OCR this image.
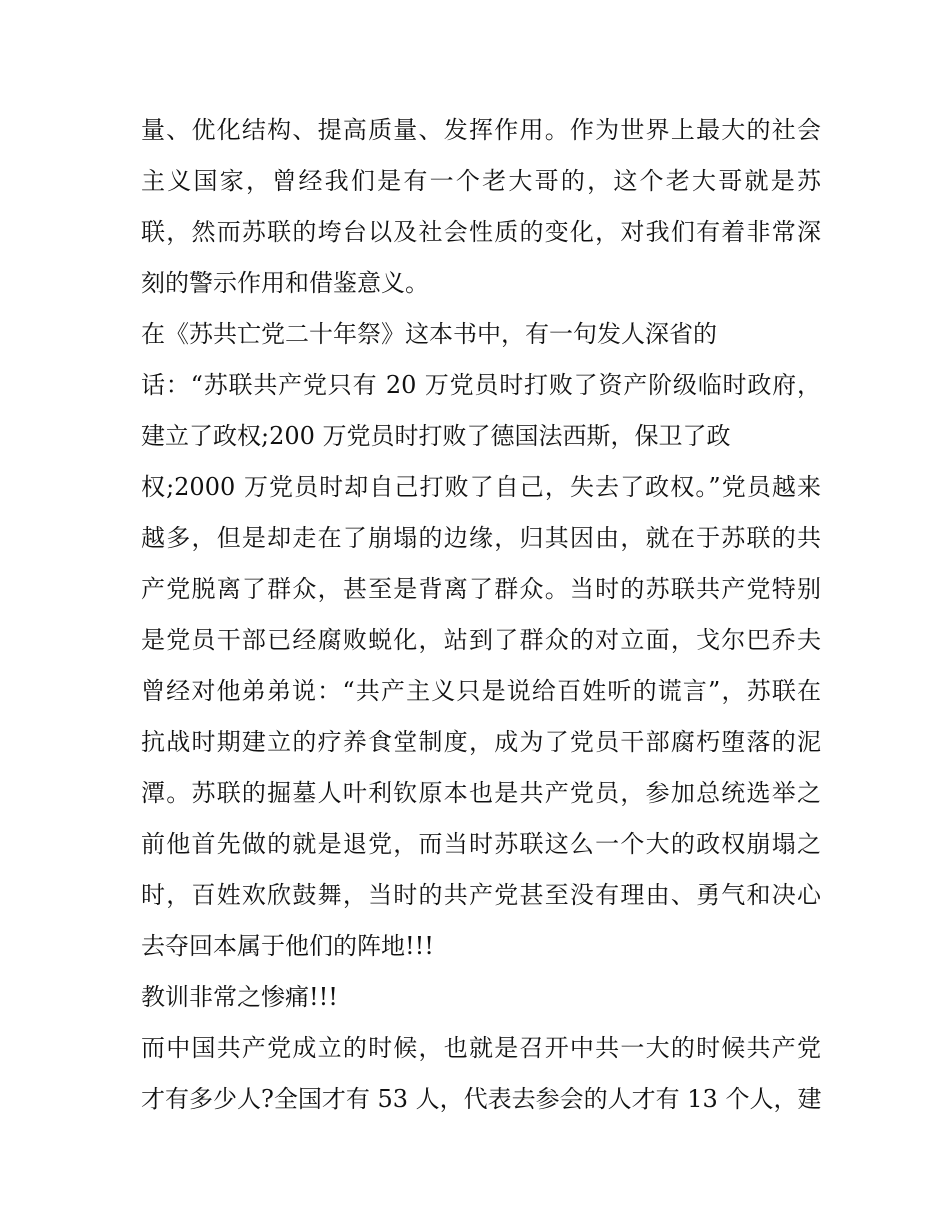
量、优化结构、提高质量、发挥作用。作为世界上最大的社会
主义国家，曾经我们是有一个老大哥的，这个老大哥就是苏
联，然而苏联的垮台以及社会性质的变化，对我们有着非常深
刻的警示作用和借鉴意义。
在《苏共亡党二十年祭》这本书中，有一句发人深省的
话：“苏联共产党只有 20 万党员时打败了资产阶级临时政府，
建立了政权;200 万党员时打败了德国法西斯，保卫了政
权;2000 万党员时却自己打败了自己，失去了政权。”党员越来
越多，但是却走在了崩塌的边缘，归其因由，就在于苏联的共
产党脱离了群众，甚至是背离了群众。当时的苏联共产党特别
是党员干部已经腐败蜕化，站到了群众的对立面，戈尔巴乔夫
曾经对他弟弟说：“共产主义只是说给百姓听的谎言”，苏联在
抗战时期建立的疗养食堂制度，成为了党员干部腐朽堕落的泥
潭。苏联的掘墓人叶利钦原本也是共产党员，参加总统选举之
前他首先做的就是退党，而当时苏联这么一个大的政权崩塌之
时，百姓欢欣鼓舞，当时的共产党甚至没有理由、勇气和决心
去夺回本属于他们的阵地!!!
教训非常之惨痛!!!
而中国共产党成立的时候，也就是召开中共一大的时候共产党
才有多少人?全国才有 53 人，代表去参会的人才有 13 个人，建
